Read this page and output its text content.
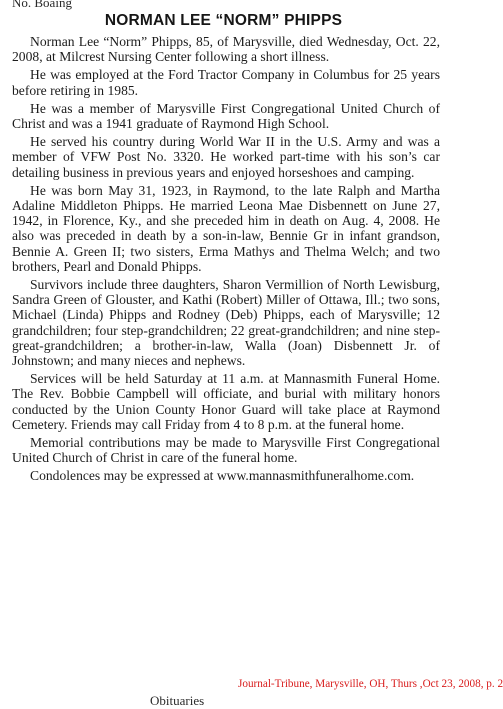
No. Boaing
NORMAN LEE “NORM” PHIPPS

Norman Lee “Norm” Phipps, 85, of Marysville, died Wednesday, Oct. 22, 2008, at Milcrest Nursing Center following a short illness.

He was employed at the Ford Tractor Company in Columbus for 25 years before retiring in 1985.

He was a member of Marysville First Congregational United Church of Christ and was a 1941 graduate of Raymond High School.

He served his country during World War II in the U.S. Army and was a member of VFW Post No. 3320. He worked part-time with his son’s car detailing business in previous years and enjoyed horseshoes and camping.

He was born May 31, 1923, in Raymond, to the late Ralph and Martha Adaline Middleton Phipps. He married Leona Mae Disbennett on June 27, 1942, in Florence, Ky., and she preceded him in death on Aug. 4, 2008. He also was preceded in death by a son-in-law, Bennie Gr in infant grandson, Bennie A. Green II; two sisters, Erma Mathys and Thelma Welch; and two brothers, Pearl and Donald Phipps.

Survivors include three daughters, Sharon Vermillion of North Lewisburg, Sandra Green of Glouster, and Kathi (Robert) Miller of Ottawa, Ill.; two sons, Michael (Linda) Phipps and Rodney (Deb) Phipps, each of Marysville; 12 grandchildren; four step-grandchildren; 22 great-grandchildren; and nine step-great-grandchildren; a brother-in-law, Walla (Joan) Disbennett Jr. of Johnstown; and many nieces and nephews.

Services will be held Saturday at 11 a.m. at Mannasmith Funeral Home. The Rev. Bobbie Campbell will officiate, and burial with military honors conducted by the Union County Honor Guard will take place at Raymond Cemetery. Friends may call Friday from 4 to 8 p.m. at the funeral home.

Memorial contributions may be made to Marysville First Congregational United Church of Christ in care of the funeral home.

Condolences may be expressed at www.mannasmithfuneralhome.com.

Journal-Tribune, Marysville, OH, Thurs ,Oct 23, 2008, p. 2
Obituaries
